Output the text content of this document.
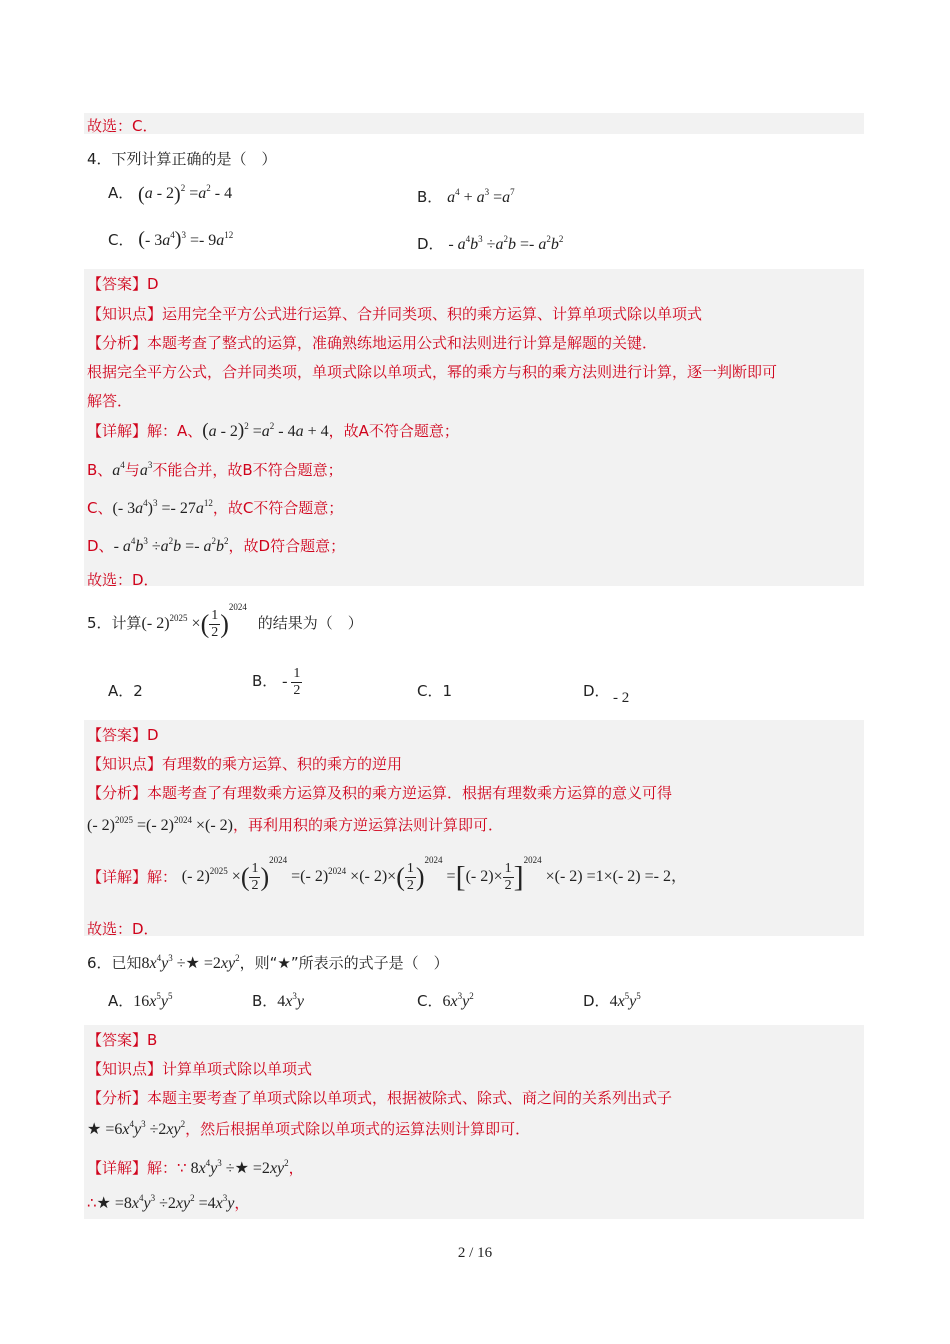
故选：C．
4．下列计算正确的是（　）
A． $(a - 2)^2 =a^2 - 4$	B． $a^4 + a^3 =a^7$
C． (- $3a^4)^3 =- 9a^{12}$	D． - $a^4b^3 \div a^2b =- a^2b^2$
【答案】D
【知识点】运用完全平方公式进行运算、合并同类项、积的乘方运算、计算单项式除以单项式
【分析】本题考查了整式的运算，准确熟练地运用公式和法则进行计算是解题的关键．
根据完全平方公式，合并同类项，单项式除以单项式，幂的乘方与积的乘方法则进行计算，逐一判断即可
解答．
【详解】解：A、$(a - 2)^2 =a^2 - 4a + 4$，故A不符合题意；
B、$a^4$与$a^3$不能合并，故B不符合题意；
C、(- $3a^4)^3 =- 27a^{12}$，故C不符合题意；
D、- $a^4b^3 \div a^2b =- a^2b^2$，故D符合题意；
故选：D．
5．计算(- 2)$^{2025}$ ×( $\frac{1}{2} )^{2024}$ 的结果为（　）
A．2
B． - $\frac{1}{2}$	C．1	D． - 2
【答案】D
【知识点】有理数的乘方运算、积的乘方的逆用
【分析】本题考查了有理数乘方运算及积的乘方逆运算．根据有理数乘方运算的意义可得
(- 2)$^{2025}$ =(- 2)$^{2024}$ ×(- 2)，再利用积的乘方逆运算法则计算即可．
【详解】解： (- 2)$^{2025}$ ×( $\frac{1}{2} )^{2024}$ =(- 2)$^{2024}$ ×(- $2)\times( \frac{1}{2} )^{2024}$ =[(- $2)\times \frac{1}{2} ]^{2024}$ ×(- 2) =1×(- 2) =- 2，
故选：D．
6．已知$8x^4y^3$ ÷★ $=2xy^2$，则“★”所表示的式子是（　）
A．$16x^5y^5$	B．$4x^3y$	C．$6x^3y^2$	D．$4x^5y^5$
【答案】B
【知识点】计算单项式除以单项式
【分析】本题主要考查了单项式除以单项式，根据被除式、除式、商之间的关系列出式子
★ $=6x^4y^3 \div 2xy^2$，然后根据单项式除以单项式的运算法则计算即可．
【详解】解：∵ $8x^4y^3$ ÷★ $=2xy^2$，
∴★ $=8x^4y^3 \div 2xy^2 =4x^3y$，
2 / 16
